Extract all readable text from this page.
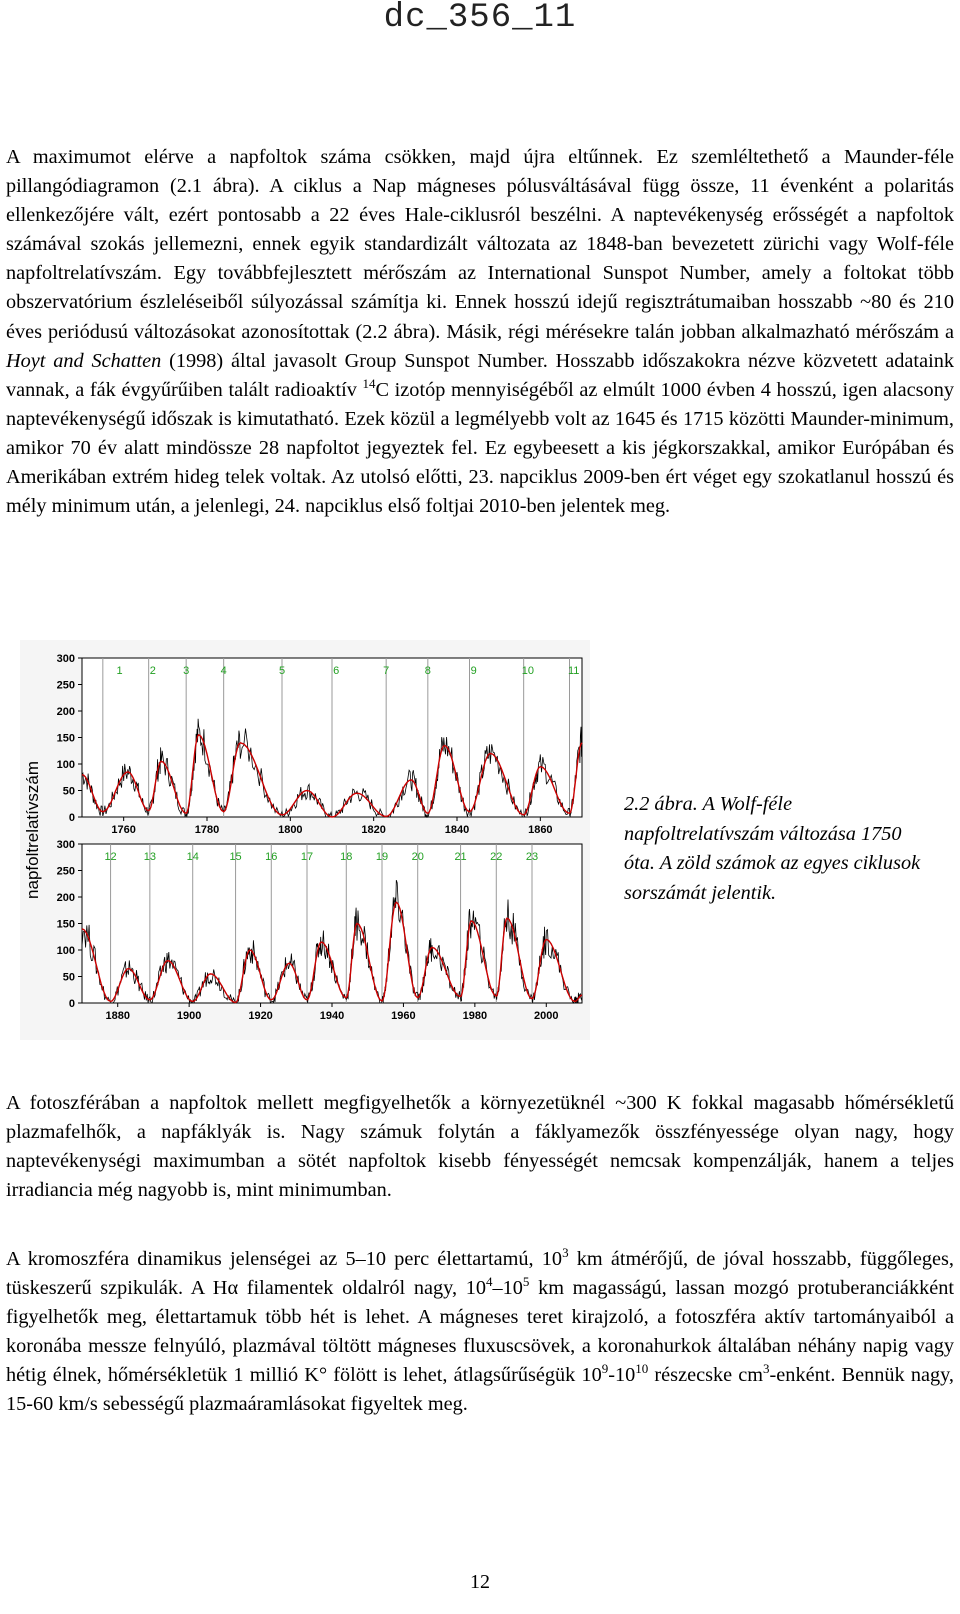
dc_356_11

A maximumot elérve a napfoltok száma csökken, majd újra eltűnnek. Ez szemléltethető a Maunder-féle pillangódiagramon (2.1 ábra). A ciklus a Nap mágneses pólusváltásával függ össze, 11 évenként a polaritás ellenkezőjére vált, ezért pontosabb a 22 éves Hale-ciklusról beszélni. A naptevékenység erősségét a napfoltok számával szokás jellemezni, ennek egyik standardizált változata az 1848-ban bevezetett zürichi vagy Wolf-féle napfoltrelatívszám. Egy továbbfejlesztett mérőszám az International Sunspot Number, amely a foltokat több obszervatórium észleléseiből súlyozással számítja ki. Ennek hosszú idejű regisztrátumaiban hosszabb ~80 és 210 éves periódusú változásokat azonosítottak (2.2 ábra). Másik, régi mérésekre talán jobban alkalmazható mérőszám a Hoyt and Schatten (1998) által javasolt Group Sunspot Number. Hosszabb időszakokra nézve közvetett adataink vannak, a fák évgyűrűiben talált radioaktív $^{14}$C izotóp mennyiségéből az elmúlt 1000 évben 4 hosszú, igen alacsony naptevékenységű időszak is kimutatható. Ezek közül a legmélyebb volt az 1645 és 1715 közötti Maunder-minimum, amikor 70 év alatt mindössze 28 napfoltot jegyeztek fel. Ez egybeesett a kis jégkorszakkal, amikor Európában és Amerikában extrém hideg telek voltak. Az utolsó előtti, 23. napciklus 2009-ben ért véget egy szokatlanul hosszú és mély minimum után, a jelenlegi, 24. napciklus első foltjai 2010-ben jelentek meg.

napfoltrelatívszám 0
50
100
150
200
250
300
1760	1780	1800	1820	1840	1860
1 2 3	4	5	6	7	8	9	10	11
0
50
100
150
200
250
300
1880	1900	1920	1940	1960	1980	2000
12 13	14	15 16 17 18 19 20	21 22 23
2.2 ábra. A Wolf-féle napfoltrelatívszám változása 1750 óta. A zöld számok az egyes ciklusok sorszámát jelentik.

A fotoszférában a napfoltok mellett megfigyelhetők a környezetüknél ~300 K fokkal magasabb hőmérsékletű plazmafelhők, a napfáklyák is. Nagy számuk folytán a fáklyamezők összfényessége olyan nagy, hogy naptevékenységi maximumban a sötét napfoltok kisebb fényességét nemcsak kompenzálják, hanem a teljes irradiancia még nagyobb is, mint minimumban.

A kromoszféra dinamikus jelenségei az 5–10 perc élettartamú, $10^3$ km átmérőjű, de jóval hosszabb, függőleges, tüskeszerű szpikulák. A Hα filamentek oldalról nagy, $10^4-10^5$ km magasságú, lassan mozgó protuberanciákként figyelhetők meg, élettartamuk több hét is lehet. A mágneses teret kirajzoló, a fotoszféra aktív tartományaiból a koronába messze felnyúló, plazmával töltött mágneses fluxuscsövek, a koronahurkok általában néhány napig vagy hétig élnek, hőmérsékletük 1 millió K° fölött is lehet, átlagsűrűségük $10^9-10^{10}$ részecske $cm^3$-enként. Bennük nagy, 15-60 km/s sebességű plazmaáramlásokat figyeltek meg.

12
